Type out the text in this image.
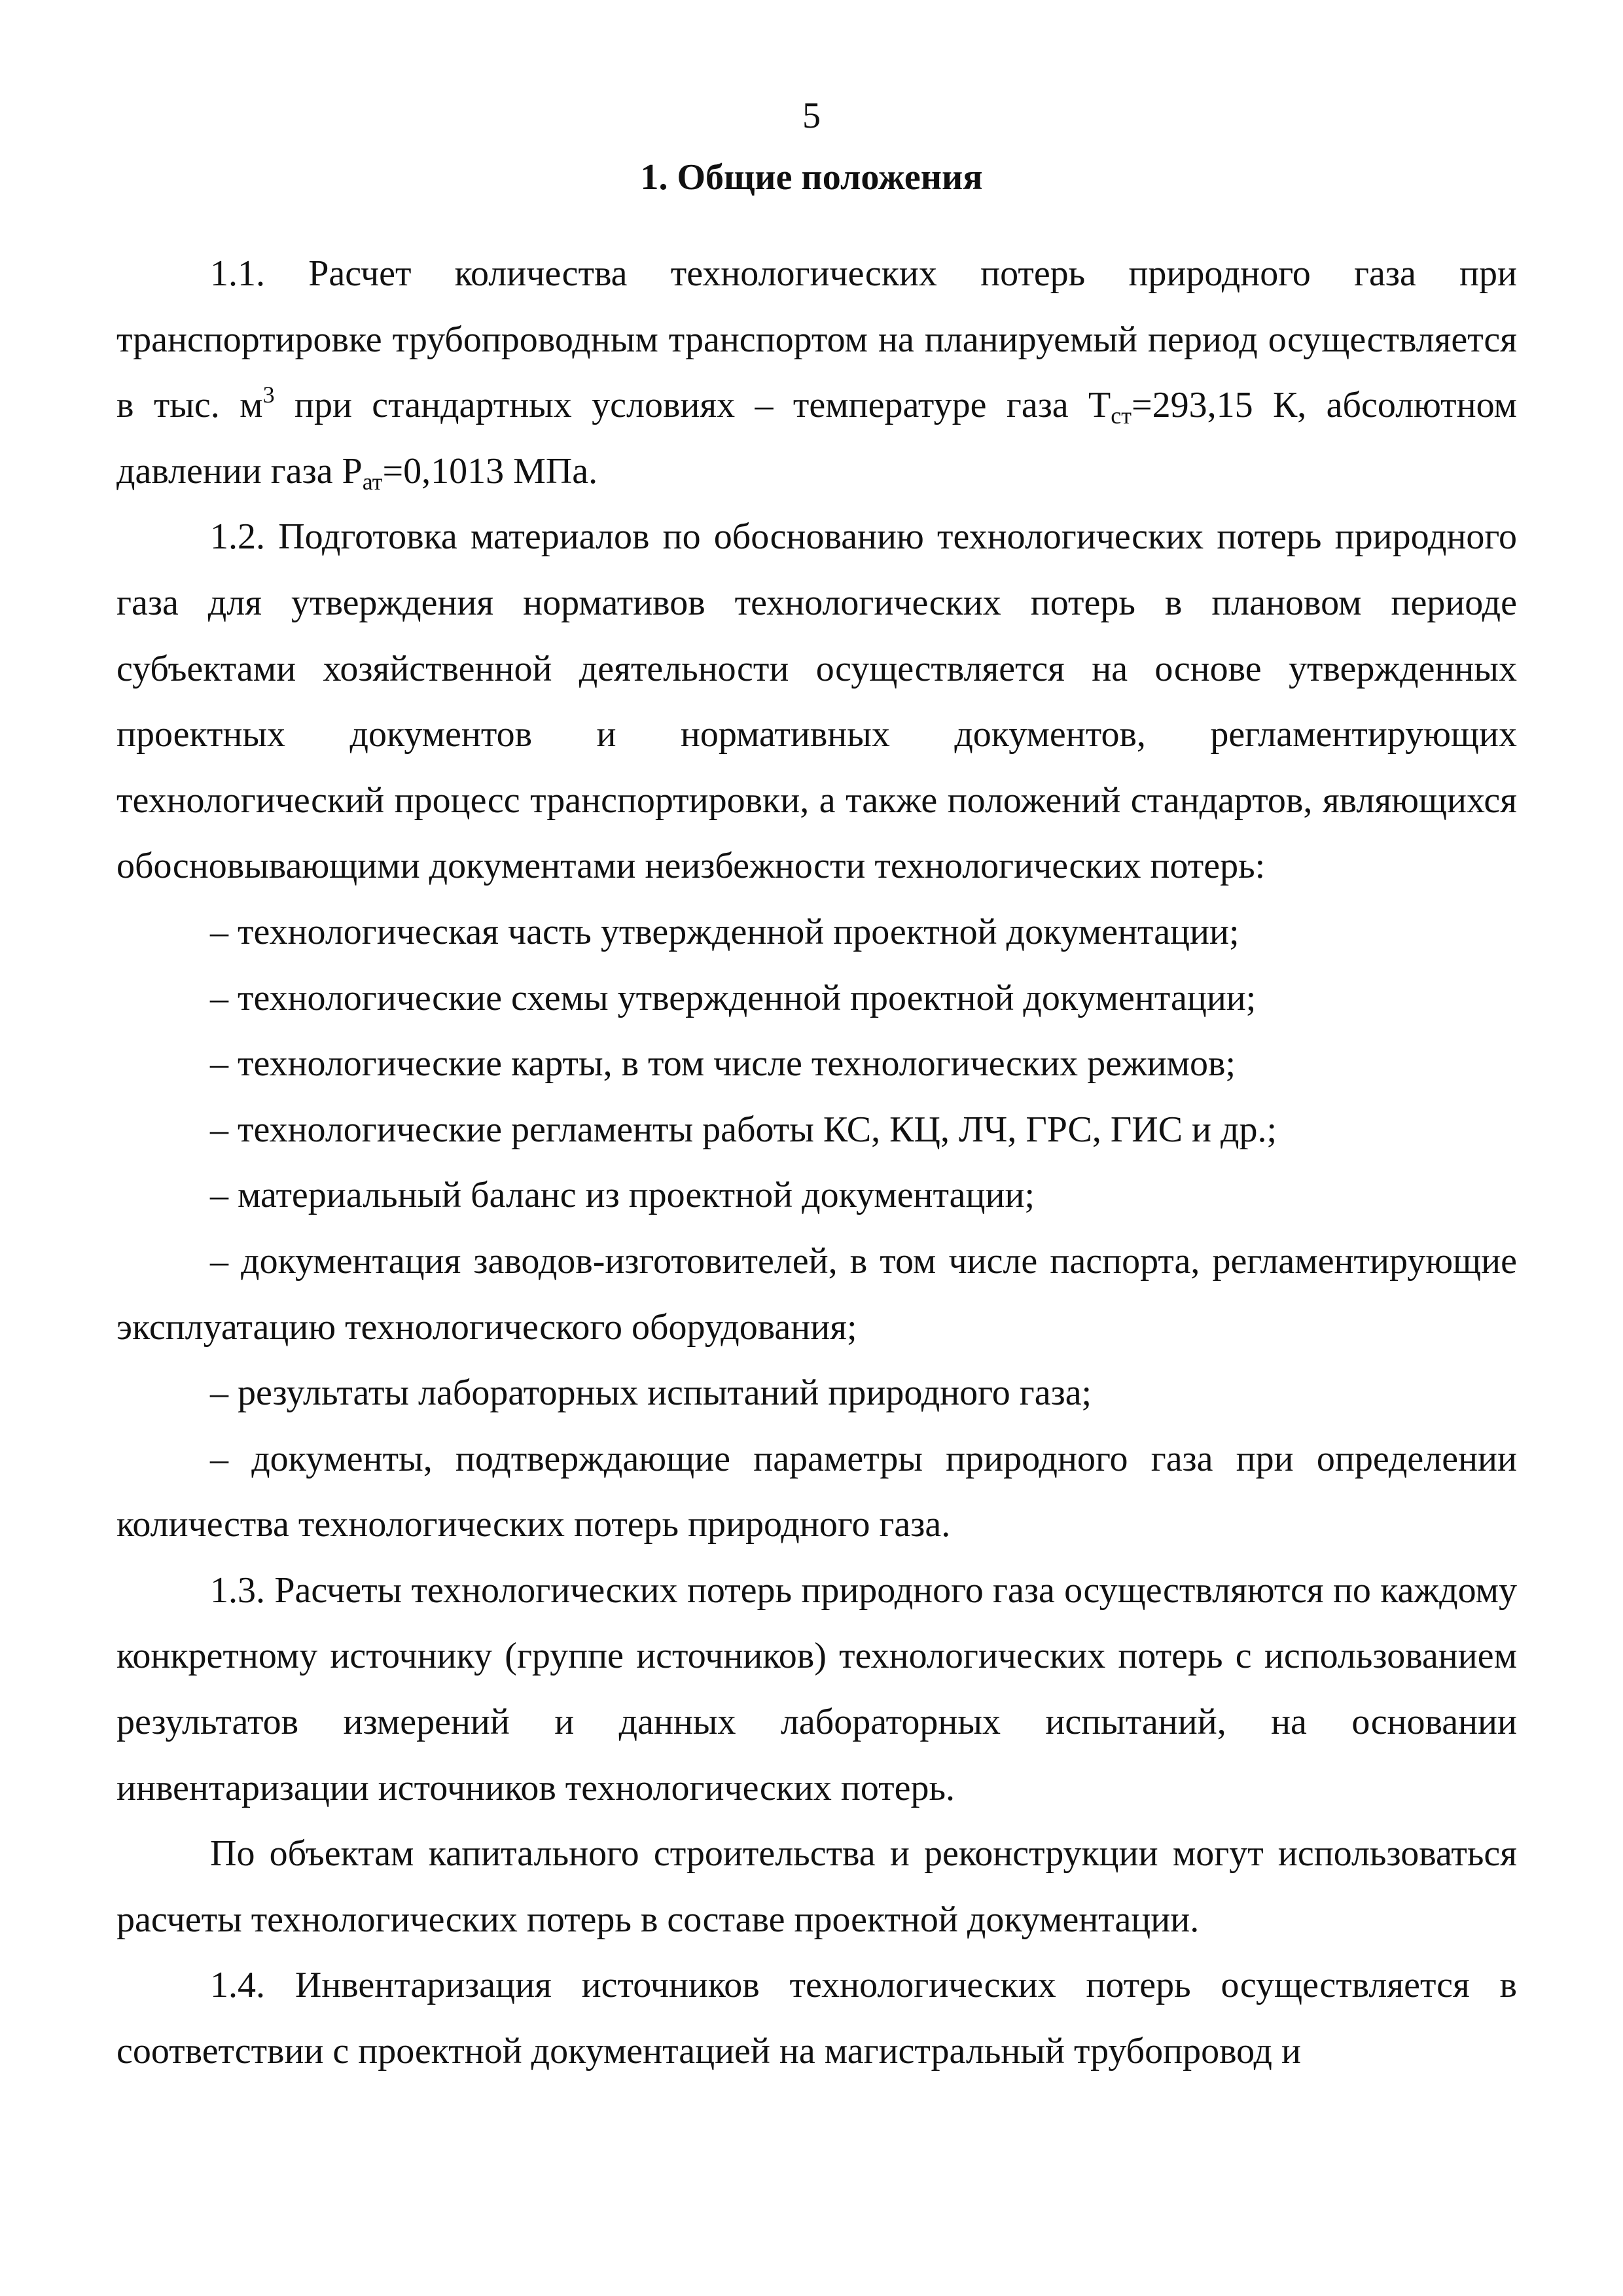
5
1. Общие положения

1.1. Расчет количества технологических потерь природного газа при транспортировке трубопроводным транспортом на планируемый период осуществляется в тыс. $м^3$ при стандартных условиях – температуре газа $Т_{ст}=293,15$ К, абсолютном давлении газа $Р_{ат}=0,1013$ МПа.

1.2. Подготовка материалов по обоснованию технологических потерь природного газа для утверждения нормативов технологических потерь в плановом периоде субъектами хозяйственной деятельности осуществляется на основе утвержденных проектных документов и нормативных документов, регламентирующих технологический процесс транспортировки, а также положений стандартов, являющихся обосновывающими документами неизбежности технологических потерь:

– технологическая часть утвержденной проектной документации;

– технологические схемы утвержденной проектной документации;

– технологические карты, в том числе технологических режимов;

– технологические регламенты работы КС, КЦ, ЛЧ, ГРС, ГИС и др.;

– материальный баланс из проектной документации;

– документация заводов-изготовителей, в том числе паспорта, регламентирующие эксплуатацию технологического оборудования;

– результаты лабораторных испытаний природного газа;

– документы, подтверждающие параметры природного газа при определении количества технологических потерь природного газа.

1.3. Расчеты технологических потерь природного газа осуществляются по каждому конкретному источнику (группе источников) технологических потерь с использованием результатов измерений и данных лабораторных испытаний, на основании инвентаризации источников технологических потерь.

По объектам капитального строительства и реконструкции могут использоваться расчеты технологических потерь в составе проектной документации.

1.4. Инвентаризация источников технологических потерь осуществляется в соответствии с проектной документацией на магистральный трубопровод и
